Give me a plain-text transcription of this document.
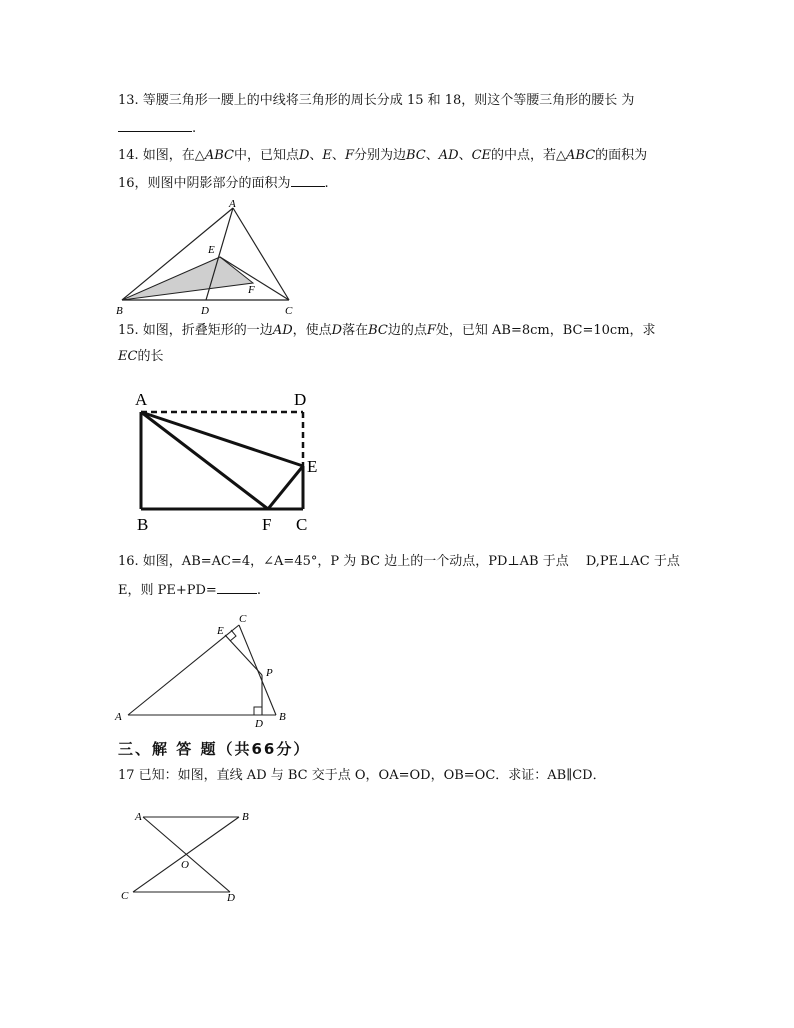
13. 等腰三角形一腰上的中线将三角形的周长分成 15 和 18，则这个等腰三角形的腰长 为
.
14. 如图，在△ABC中，已知点D、E、F分别为边BC、AD、CE的中点，若△ABC的面积为
16，则图中阴影部分的面积为	.
A
E
F
B	D	C
15. 如图，折叠矩形的一边AD，使点D落在BC边的点F处，已知 AB=8cm，BC=10cm，求
EC的长
A	D
E
B	F C
16. 如图，AB=AC=4，∠A=45°，P 为 BC 边上的一个动点，PD⊥AB 于点　 D,PE⊥AC 于点
E，则 PE+PD=	.
E
C
P
A
D
B
三、解 答 题（共66分）
17 已知：如图，直线 AD 与 BC 交于点 O，OA=OD，OB=OC．求证：AB∥CD．
A	B
O
C	D
